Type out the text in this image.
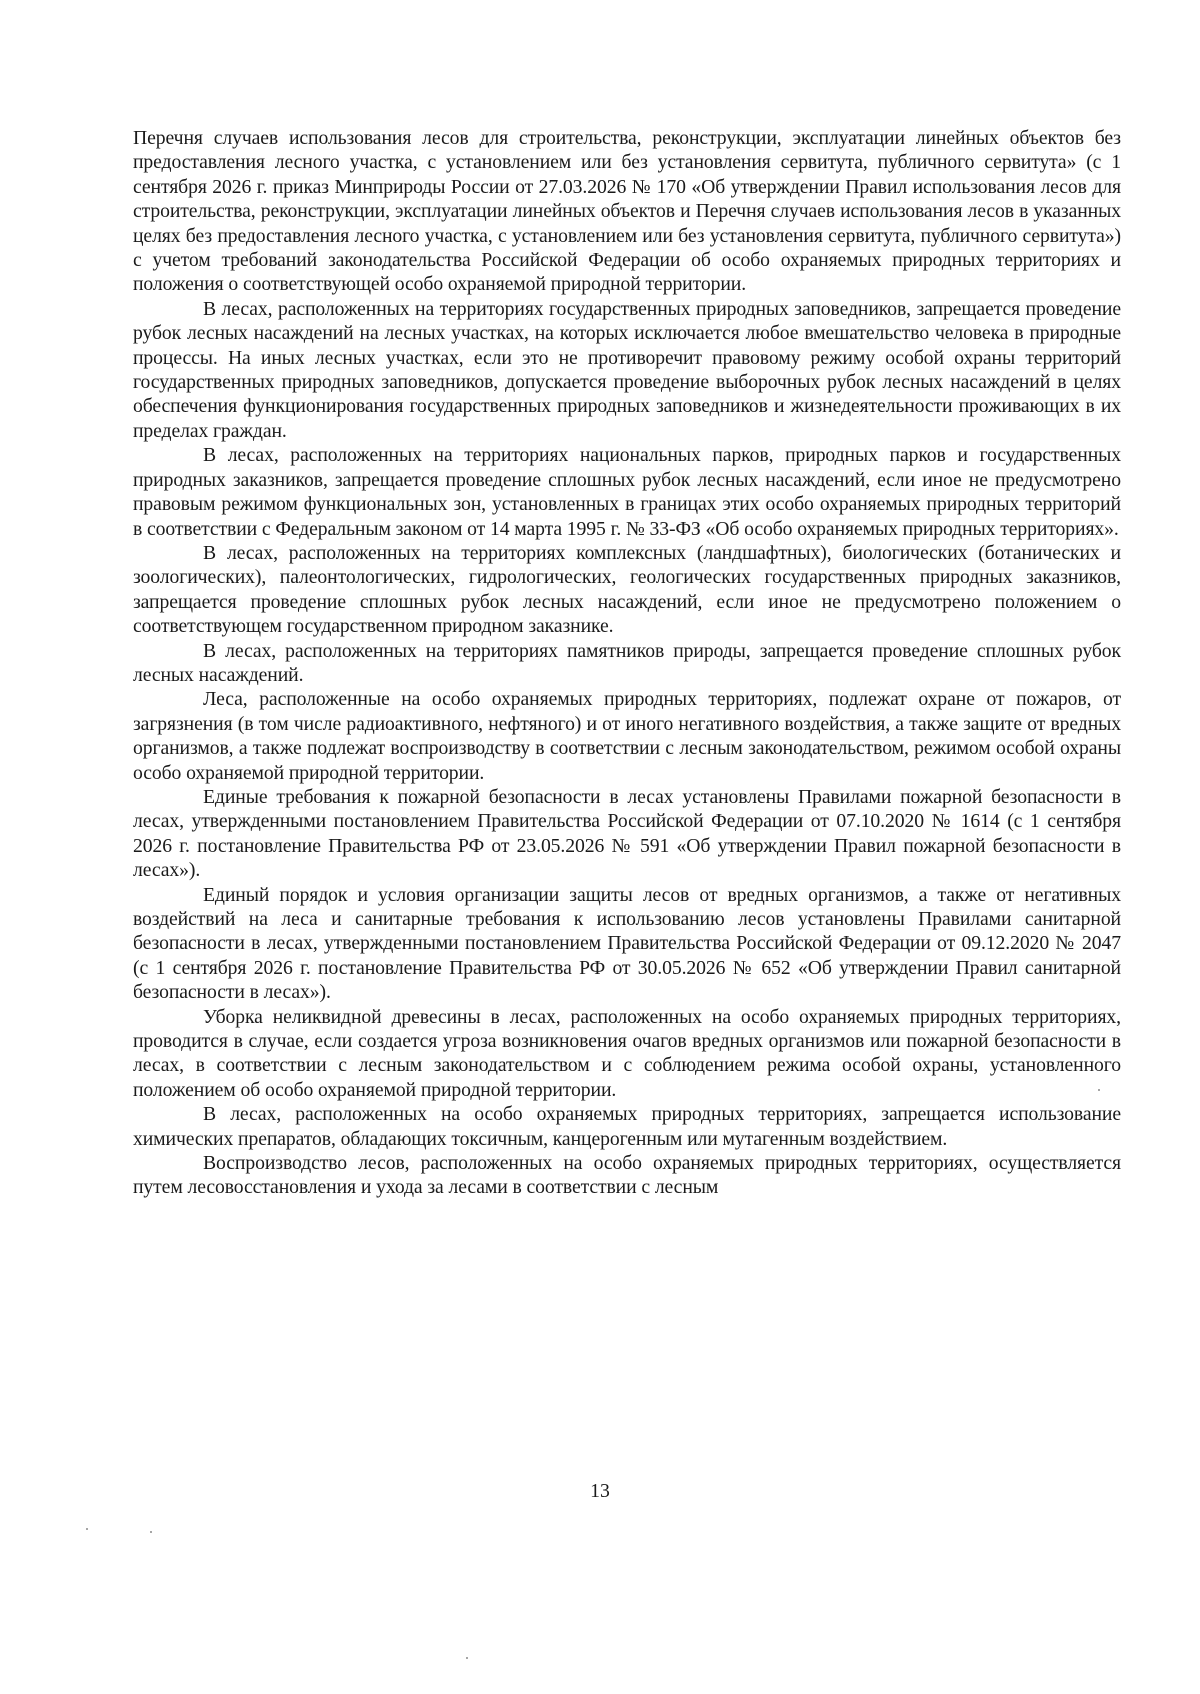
Перечня случаев использования лесов для строительства, реконструкции, эксплуатации линейных объектов без предоставления лесного участка, с установлением или без установления сервитута, публичного сервитута» (с 1 сентября 2026 г. приказ Минприроды России от 27.03.2026 № 170 «Об утверждении Правил использования лесов для строительства, реконструкции, эксплуатации линейных объектов и Перечня случаев использования лесов в указанных целях без предоставления лесного участка, с установлением или без установления сервитута, публичного сервитута») с учетом требований законодательства Российской Федерации об особо охраняемых природных территориях и положения о соответствующей особо охраняемой природной территории.

В лесах, расположенных на территориях государственных природных заповедников, запрещается проведение рубок лесных насаждений на лесных участках, на которых исключается любое вмешательство человека в природные процессы. На иных лесных участках, если это не противоречит правовому режиму особой охраны территорий государственных природных заповедников, допускается проведение выборочных рубок лесных насаждений в целях обеспечения функционирования государственных природных заповедников и жизнедеятельности проживающих в их пределах граждан.

В лесах, расположенных на территориях национальных парков, природных парков и государственных природных заказников, запрещается проведение сплошных рубок лесных насаждений, если иное не предусмотрено правовым режимом функциональных зон, установленных в границах этих особо охраняемых природных территорий в соответствии с Федеральным законом от 14 марта 1995 г. № 33-ФЗ «Об особо охраняемых природных территориях».

В лесах, расположенных на территориях комплексных (ландшафтных), биологических (ботанических и зоологических), палеонтологических, гидрологических, геологических государственных природных заказников, запрещается проведение сплошных рубок лесных насаждений, если иное не предусмотрено положением о соответствующем государственном природном заказнике.

В лесах, расположенных на территориях памятников природы, запрещается проведение сплошных рубок лесных насаждений.

Леса, расположенные на особо охраняемых природных территориях, подлежат охране от пожаров, от загрязнения (в том числе радиоактивного, нефтяного) и от иного негативного воздействия, а также защите от вредных организмов, а также подлежат воспроизводству в соответствии с лесным законодательством, режимом особой охраны особо охраняемой природной территории.

Единые требования к пожарной безопасности в лесах установлены Правилами пожарной безопасности в лесах, утвержденными постановлением Правительства Российской Федерации от 07.10.2020 № 1614 (с 1 сентября 2026 г. постановление Правительства РФ от 23.05.2026 № 591 «Об утверждении Правил пожарной безопасности в лесах»).

Единый порядок и условия организации защиты лесов от вредных организмов, а также от негативных воздействий на леса и санитарные требования к использованию лесов установлены Правилами санитарной безопасности в лесах, утвержденными постановлением Правительства Российской Федерации от 09.12.2020 № 2047 (с 1 сентября 2026 г. постановление Правительства РФ от 30.05.2026 № 652 «Об утверждении Правил санитарной безопасности в лесах»).

Уборка неликвидной древесины в лесах, расположенных на особо охраняемых природных территориях, проводится в случае, если создается угроза возникновения очагов вредных организмов или пожарной безопасности в лесах, в соответствии с лесным законодательством и с соблюдением режима особой охраны, установленного положением об особо охраняемой природной территории.

В лесах, расположенных на особо охраняемых природных территориях, запрещается использование химических препаратов, обладающих токсичным, канцерогенным или мутагенным воздействием.

Воспроизводство лесов, расположенных на особо охраняемых природных территориях, осуществляется путем лесовосстановления и ухода за лесами в соответствии с лесным

13
